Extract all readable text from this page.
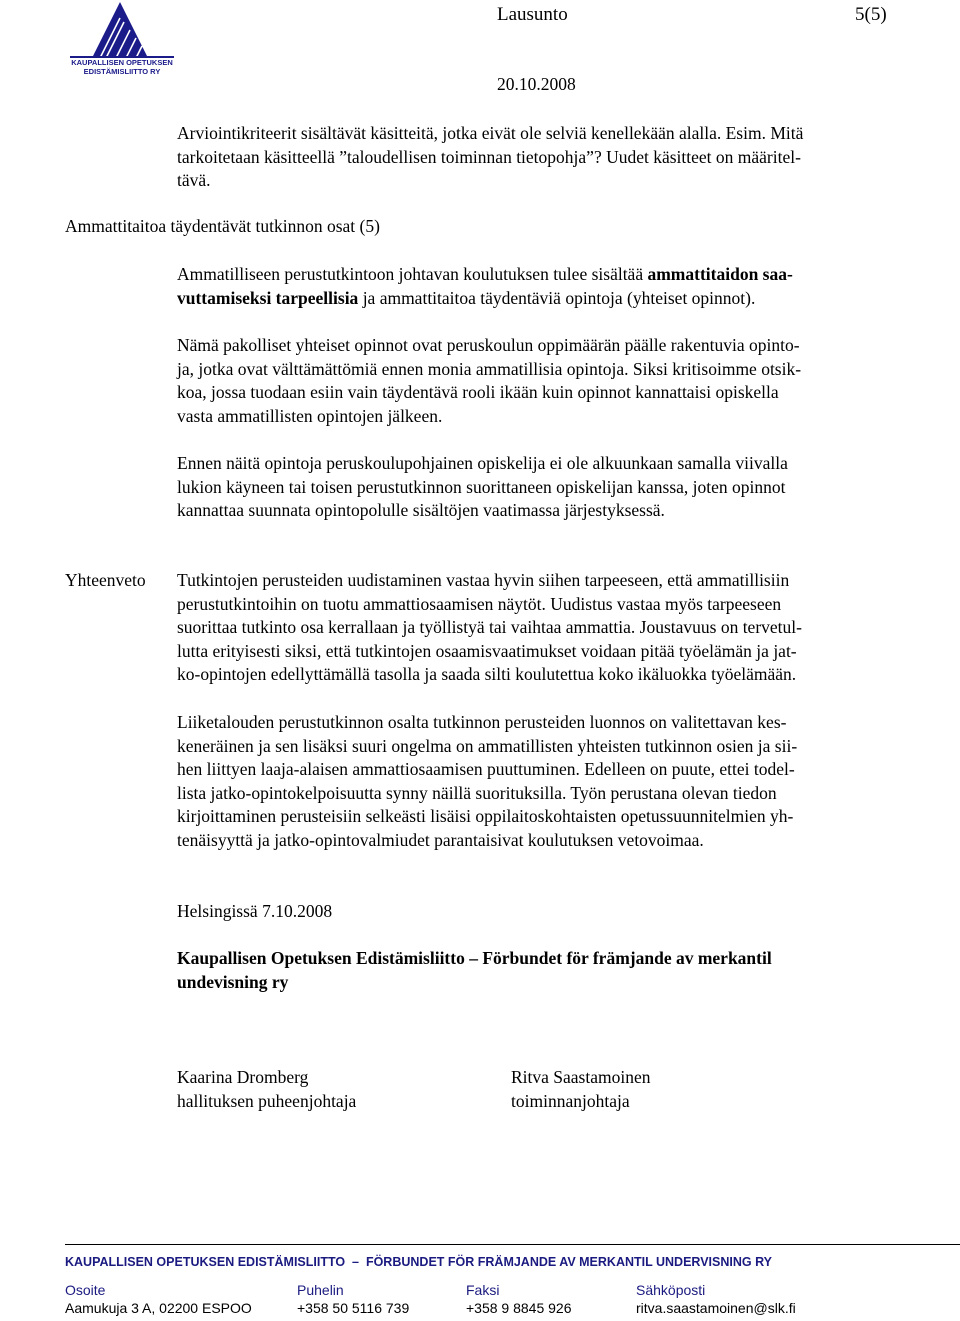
KAUPALLISEN OPETUKSEN EDISTÄMISLIITTO RY
Lausunto	5(5)
20.10.2008
Arviointikriteerit sisältävät käsitteitä, jotka eivät ole selviä kenellekään alalla. Esim. Mitä
tarkoitetaan käsitteellä ”taloudellisen toiminnan tietopohja”? Uudet käsitteet on määritel-
tävä.
Ammattitaitoa täydentävät tutkinnon osat (5)
Ammatilliseen perustutkintoon johtavan koulutuksen tulee sisältää ammattitaidon saa-
vuttamiseksi tarpeellisia ja ammattitaitoa täydentäviä opintoja (yhteiset opinnot).
Nämä pakolliset yhteiset opinnot ovat peruskoulun oppimäärän päälle rakentuvia opinto-
ja, jotka ovat välttämättömiä ennen monia ammatillisia opintoja. Siksi kritisoimme otsik-
koa, jossa tuodaan esiin vain täydentävä rooli ikään kuin opinnot kannattaisi opiskella
vasta ammatillisten opintojen jälkeen.
Ennen näitä opintoja peruskoulupohjainen opiskelija ei ole alkuunkaan samalla viivalla
lukion käyneen tai toisen perustutkinnon suorittaneen opiskelijan kanssa, joten opinnot
kannattaa suunnata opintopolulle sisältöjen vaatimassa järjestyksessä.
Yhteenveto Tutkintojen perusteiden uudistaminen vastaa hyvin siihen tarpeeseen, että ammatillisiin
perustutkintoihin on tuotu ammattiosaamisen näytöt. Uudistus vastaa myös tarpeeseen
suorittaa tutkinto osa kerrallaan ja työllistyä tai vaihtaa ammattia. Joustavuus on tervetul-
lutta erityisesti siksi, että tutkintojen osaamisvaatimukset voidaan pitää työelämän ja jat-
ko-opintojen edellyttämällä tasolla ja saada silti koulutettua koko ikäluokka työelämään.
Liiketalouden perustutkinnon osalta tutkinnon perusteiden luonnos on valitettavan kes-
keneräinen ja sen lisäksi suuri ongelma on ammatillisten yhteisten tutkinnon osien ja sii-
hen liittyen laaja-alaisen ammattiosaamisen puuttuminen. Edelleen on puute, ettei todel-
lista jatko-opintokelpoisuutta synny näillä suorituksilla. Työn perustana olevan tiedon
kirjoittaminen perusteisiin selkeästi lisäisi oppilaitoskohtaisten opetussuunnitelmien yh-
tenäisyyttä ja jatko-opintovalmiudet parantaisivat koulutuksen vetovoimaa.
Helsingissä 7.10.2008
Kaupallisen Opetuksen Edistämisliitto – Förbundet för främjande av merkantil
undevisning ry
Kaarina Dromberg
hallituksen puheenjohtaja
Ritva Saastamoinen
toiminnanjohtaja
KAUPALLISEN OPETUKSEN EDISTÄMISLIITTO  –  FÖRBUNDET FÖR FRÄMJANDE AV MERKANTIL UNDERVISNING RY
Osoite
Aamukuja 3 A, 02200 ESPOO
Puhelin
+358 50 5116 739
Faksi
+358 9 8845 926
Sähköposti
ritva.saastamoinen@slk.fi
